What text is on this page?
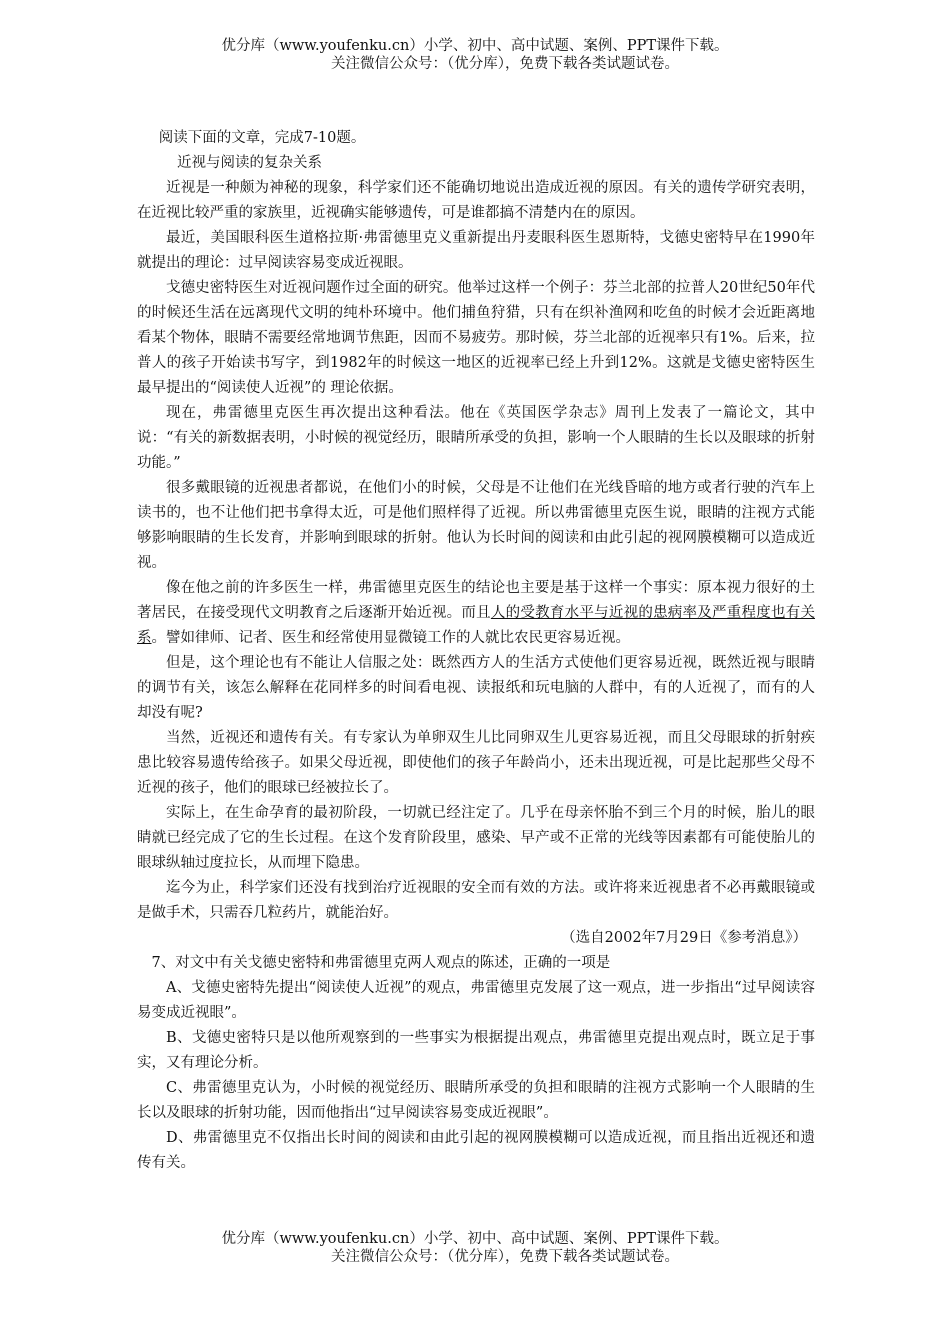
优分库（www.youfenku.cn）小学、初中、高中试题、案例、PPT课件下载。
关注微信公众号：（优分库），免费下载各类试题试卷。

阅读下面的文章，完成7-10题。

近视与阅读的复杂关系

近视是一种颇为神秘的现象，科学家们还不能确切地说出造成近视的原因。有关的遗传学研究表明，在近视比较严重的家族里，近视确实能够遗传，可是谁都搞不清楚内在的原因。

最近，美国眼科医生道格拉斯·弗雷德里克义重新提出丹麦眼科医生恩斯特，戈德史密特早在1990年就提出的理论：过早阅读容易变成近视眼。

戈德史密特医生对近视问题作过全面的研究。他举过这样一个例子：芬兰北部的拉普人20世纪50年代的时候还生活在远离现代文明的纯朴环境中。他们捕鱼狩猎，只有在织补渔网和吃鱼的时候才会近距离地看某个物体，眼睛不需要经常地调节焦距，因而不易疲劳。那时候，芬兰北部的近视率只有1%。后来，拉普人的孩子开始读书写字，到1982年的时候这一地区的近视率已经上升到12%。这就是戈德史密特医生最早提出的“阅读使人近视”的 理论依据。

现在，弗雷德里克医生再次提出这种看法。他在《英国医学杂志》周刊上发表了一篇论文，其中说：“有关的新数据表明，小时候的视觉经历，眼睛所承受的负担，影响一个人眼睛的生长以及眼球的折射功能。”

很多戴眼镜的近视患者都说，在他们小的时候，父母是不让他们在光线昏暗的地方或者行驶的汽车上读书的，也不让他们把书拿得太近，可是他们照样得了近视。所以弗雷德里克医生说，眼睛的注视方式能够影响眼睛的生长发育，并影响到眼球的折射。他认为长时间的阅读和由此引起的视网膜模糊可以造成近视。

像在他之前的许多医生一样，弗雷德里克医生的结论也主要是基于这样一个事实：原本视力很好的土著居民，在接受现代文明教育之后逐渐开始近视。而且人的受教育水平与近视的患病率及严重程度也有关系。譬如律师、记者、医生和经常使用显微镜工作的人就比农民更容易近视。

但是，这个理论也有不能让人信服之处：既然西方人的生活方式使他们更容易近视，既然近视与眼睛的调节有关，该怎么解释在花同样多的时间看电视、读报纸和玩电脑的人群中，有的人近视了，而有的人却没有呢?

当然，近视还和遗传有关。有专家认为单卵双生儿比同卵双生儿更容易近视，而且父母眼球的折射疾患比较容易遗传给孩子。如果父母近视，即使他们的孩子年龄尚小，还未出现近视，可是比起那些父母不近视的孩子，他们的眼球已经被拉长了。

实际上，在生命孕育的最初阶段，一切就已经注定了。几乎在母亲怀胎不到三个月的时候，胎儿的眼睛就已经完成了它的生长过程。在这个发育阶段里，感染、早产或不正常的光线等因素都有可能使胎儿的眼球纵轴过度拉长，从而埋下隐患。

迄今为止，科学家们还没有找到治疗近视眼的安全而有效的方法。或许将来近视患者不必再戴眼镜或是做手术，只需吞几粒药片，就能治好。

（选自2002年7月29日《参考消息》）

7、对文中有关戈德史密特和弗雷德里克两人观点的陈述，正确的一项是

A、戈德史密特先提出“阅读使人近视”的观点，弗雷德里克发展了这一观点，进一步指出“过早阅读容易变成近视眼”。

B、戈德史密特只是以他所观察到的一些事实为根据提出观点，弗雷德里克提出观点时，既立足于事实，又有理论分析。

C、弗雷德里克认为，小时候的视觉经历、眼睛所承受的负担和眼睛的注视方式影响一个人眼睛的生长以及眼球的折射功能，因而他指出“过早阅读容易变成近视眼”。

D、弗雷德里克不仅指出长时间的阅读和由此引起的视网膜模糊可以造成近视，而且指出近视还和遗传有关。

优分库（www.youfenku.cn）小学、初中、高中试题、案例、PPT课件下载。
关注微信公众号：（优分库），免费下载各类试题试卷。
